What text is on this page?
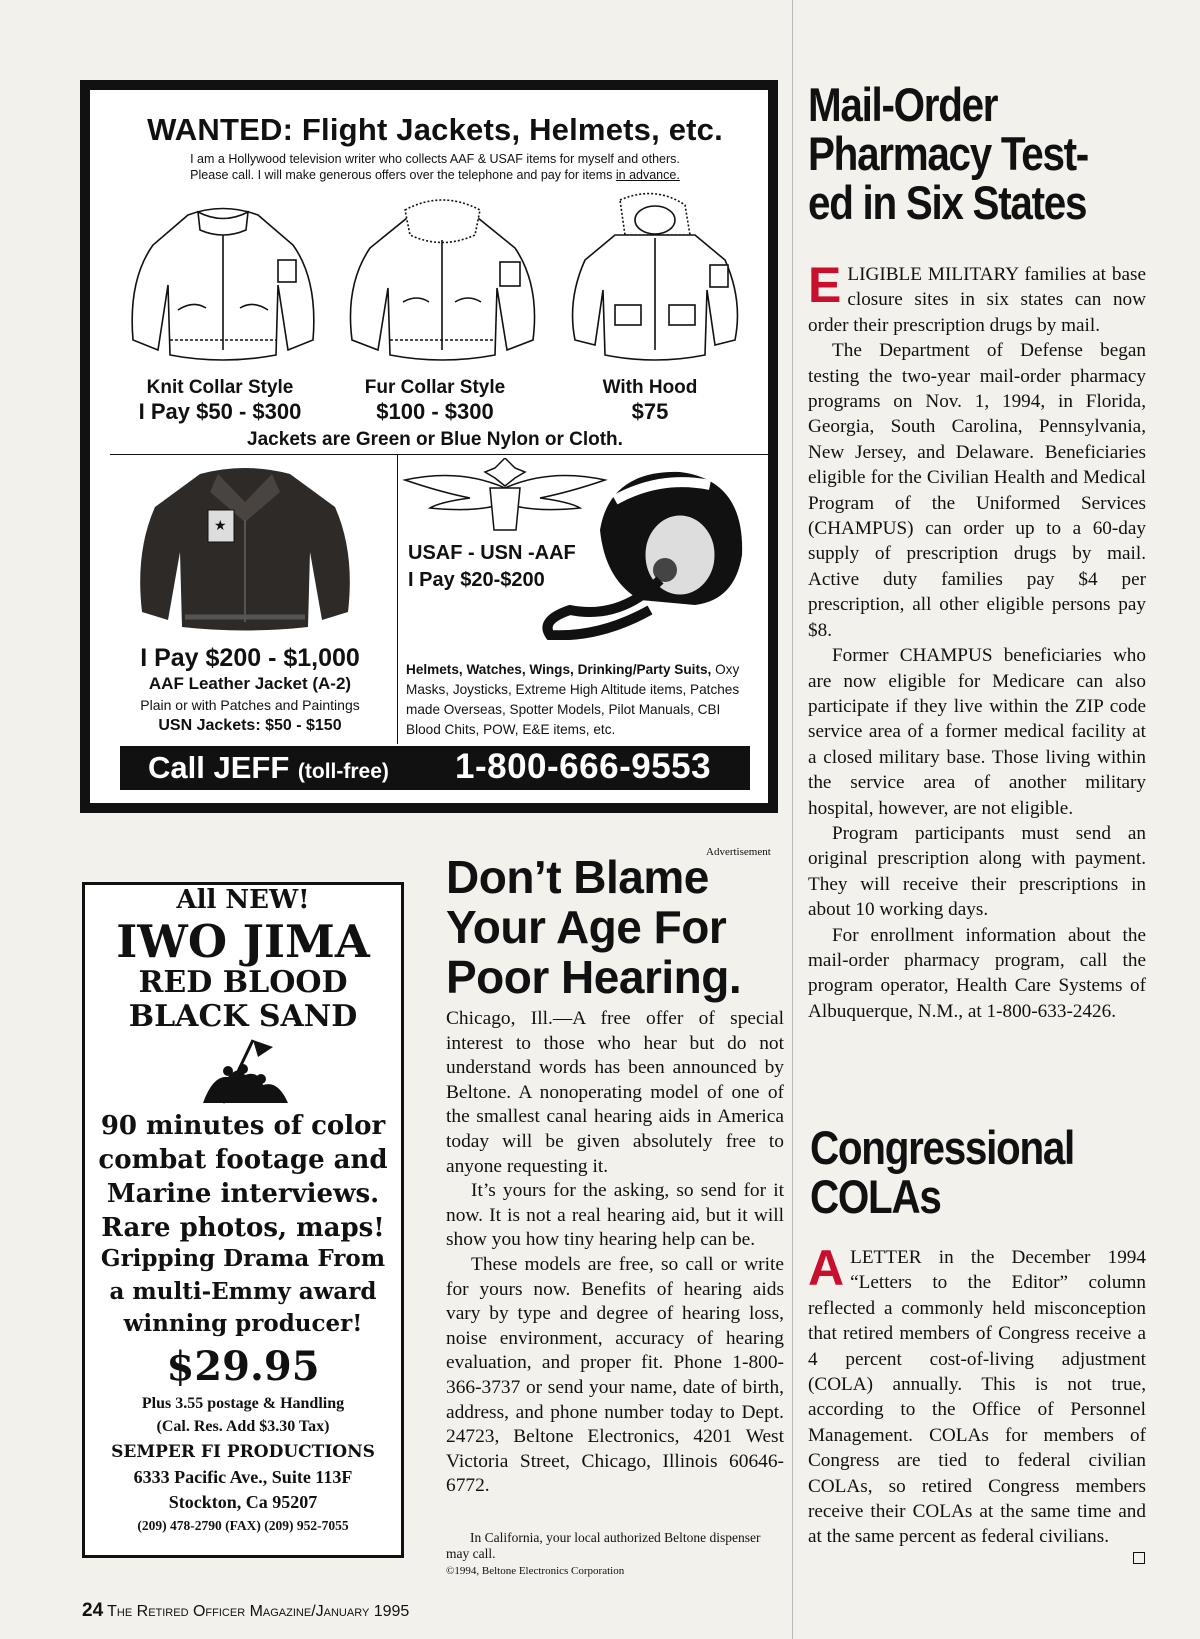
WANTED: Flight Jackets, Helmets, etc.
I am a Hollywood television writer who collects AAF & USAF items for myself and others.
Please call. I will make generous offers over the telephone and pay for items in advance.
Knit Collar Style
I Pay $50 - $300
Fur Collar Style
$100 - $300
With Hood
$75
Jackets are Green or Blue Nylon or Cloth.
★
I Pay $200 - $1,000
AAF Leather Jacket (A-2)
Plain or with Patches and Paintings
USN Jackets: $50 - $150
★ ★ ★
USAF - USN -AAF
I Pay $20-$200
Helmets, Watches, Wings, Drinking/Party Suits, Oxy Masks, Joysticks, Extreme High Altitude items, Patches made Overseas, Spotter Models, Pilot Manuals, CBI Blood Chits, POW, E&E items, etc.
Call JEFF (toll-free) 1-800-666-9553
All NEW!
IWO JIMA
RED BLOOD
BLACK SAND
90 minutes of color
combat footage and
Marine interviews.
Rare photos, maps!
Gripping Drama From
a multi-Emmy award
winning producer!
$29.95
Plus 3.55 postage & Handling
(Cal. Res. Add $3.30 Tax)
SEMPER FI PRODUCTIONS
6333 Pacific Ave., Suite 113F
Stockton, Ca 95207
(209) 478-2790 (FAX) (209) 952-7055
Advertisement
Don’t Blame
Your Age For
Poor Hearing.

Chicago, Ill.—A free offer of special interest to those who hear but do not understand words has been announced by Beltone. A nonoperating model of one of the smallest canal hearing aids in America today will be given absolutely free to anyone requesting it.

It’s yours for the asking, so send for it now. It is not a real hearing aid, but it will show you how tiny hearing help can be.

These models are free, so call or write for yours now. Benefits of hearing aids vary by type and degree of hearing loss, noise environment, accuracy of hearing evaluation, and proper fit. Phone 1-800-366-3737 or send your name, date of birth, address, and phone number today to Dept. 24723, Beltone Electronics, 4201 West Victoria Street, Chicago, Illinois 60646-6772.

In California, your local authorized Beltone dispenser may call.
©1994, Beltone Electronics Corporation
Mail-Order
Pharmacy Test-
ed in Six States

ELIGIBLE MILITARY families at base closure sites in six states can now order their prescription drugs by mail.

The Department of Defense began testing the two-year mail-order pharmacy programs on Nov. 1, 1994, in Florida, Georgia, South Carolina, Pennsylvania, New Jersey, and Delaware. Beneficiaries eligible for the Civilian Health and Medical Program of the Uniformed Services (CHAMPUS) can order up to a 60-day supply of prescription drugs by mail. Active duty families pay $4 per prescription, all other eligible persons pay $8.

Former CHAMPUS beneficiaries who are now eligible for Medicare can also participate if they live within the ZIP code service area of a former medical facility at a closed military base. Those living within the service area of another military hospital, however, are not eligible.

Program participants must send an original prescription along with payment. They will receive their prescriptions in about 10 working days.

For enrollment information about the mail-order pharmacy program, call the program operator, Health Care Systems of Albuquerque, N.M., at 1-800-633-2426.

Congressional
COLAs

ALETTER in the December 1994 “Letters to the Editor” column reflected a commonly held misconception that retired members of Congress receive a 4 percent cost-of-living adjustment (COLA) annually. This is not true, according to the Office of Personnel Management. COLAs for members of Congress are tied to federal civilian COLAs, so retired Congress members receive their COLAs at the same time and at the same percent as federal civilians.

24 The Retired Officer Magazine/January 1995
